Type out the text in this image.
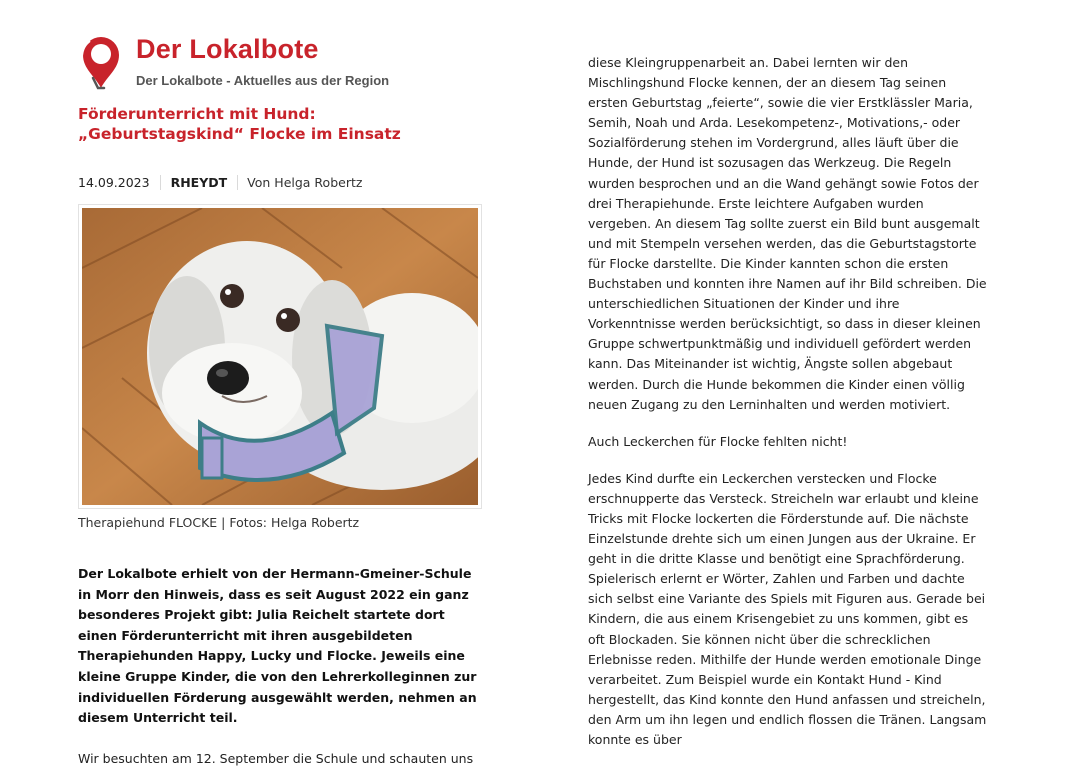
Der Lokalbote
Der Lokalbote - Aktuelles aus der Region
Förderunterricht mit Hund: „Geburtstagskind“ Flocke im Einsatz
14.09.2023	RHEYDT	Von Helga Robertz
Therapiehund FLOCKE | Fotos: Helga Robertz

Der Lokalbote erhielt von der Hermann-Gmeiner-Schule in Morr den Hinweis, dass es seit August 2022 ein ganz besonderes Projekt gibt: Julia Reichelt startete dort einen Förderunterricht mit ihren ausgebildeten Therapiehunden Happy, Lucky und Flocke. Jeweils eine kleine Gruppe Kinder, die von den Lehrerkolleginnen zur individuellen Förderung ausgewählt werden, nehmen an diesem Unterricht teil.

Wir besuchten am 12. September die Schule und schauten uns

diese Kleingruppenarbeit an. Dabei lernten wir den Mischlingshund Flocke kennen, der an diesem Tag seinen ersten Geburtstag „feierte“, sowie die vier Erstklässler Maria, Semih, Noah und Arda. Lesekompetenz-, Motivations,- oder Sozialförderung stehen im Vordergrund, alles läuft über die Hunde, der Hund ist sozusagen das Werkzeug. Die Regeln wurden besprochen und an die Wand gehängt sowie Fotos der drei Therapiehunde. Erste leichtere Aufgaben wurden vergeben. An diesem Tag sollte zuerst ein Bild bunt ausgemalt und mit Stempeln versehen werden, das die Geburtstagstorte für Flocke darstellte. Die Kinder kannten schon die ersten Buchstaben und konnten ihre Namen auf ihr Bild schreiben. Die unterschiedlichen Situationen der Kinder und ihre Vorkenntnisse werden berücksichtigt, so dass in dieser kleinen Gruppe schwertpunktmäßig und individuell gefördert werden kann. Das Miteinander ist wichtig, Ängste sollen abgebaut werden. Durch die Hunde bekommen die Kinder einen völlig neuen Zugang zu den Lerninhalten und werden motiviert.

Auch Leckerchen für Flocke fehlten nicht!

Jedes Kind durfte ein Leckerchen verstecken und Flocke erschnupperte das Versteck. Streicheln war erlaubt und kleine Tricks mit Flocke lockerten die Förderstunde auf. Die nächste Einzelstunde drehte sich um einen Jungen aus der Ukraine. Er geht in die dritte Klasse und benötigt eine Sprachförderung. Spielerisch erlernt er Wörter, Zahlen und Farben und dachte sich selbst eine Variante des Spiels mit Figuren aus. Gerade bei Kindern, die aus einem Krisengebiet zu uns kommen, gibt es oft Blockaden. Sie können nicht über die schrecklichen Erlebnisse reden. Mithilfe der Hunde werden emotionale Dinge verarbeitet. Zum Beispiel wurde ein Kontakt Hund - Kind hergestellt, das Kind konnte den Hund anfassen und streicheln, den Arm um ihn legen und endlich flossen die Tränen. Langsam konnte es über
